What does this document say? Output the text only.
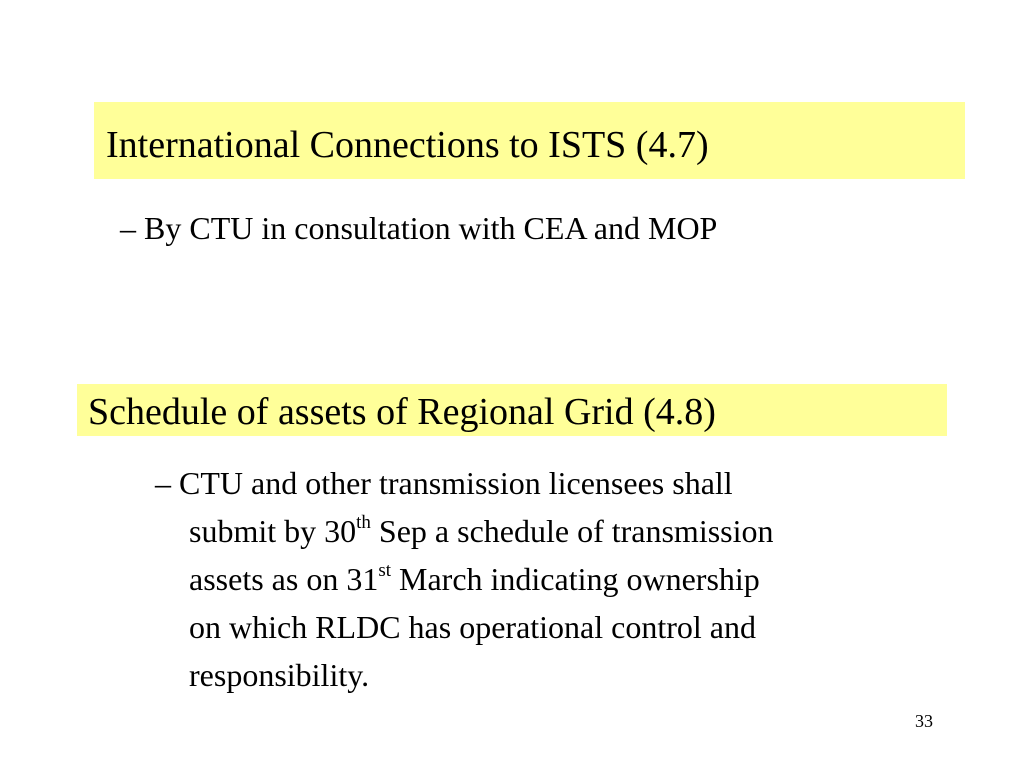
International Connections to ISTS (4.7)
– By CTU in consultation with CEA and MOP
Schedule of assets of Regional Grid (4.8)
– CTU and other transmission licensees shall
submit by 30th Sep a schedule of transmission
assets as on 31st March indicating ownership
on which RLDC has operational control and
responsibility.
33
